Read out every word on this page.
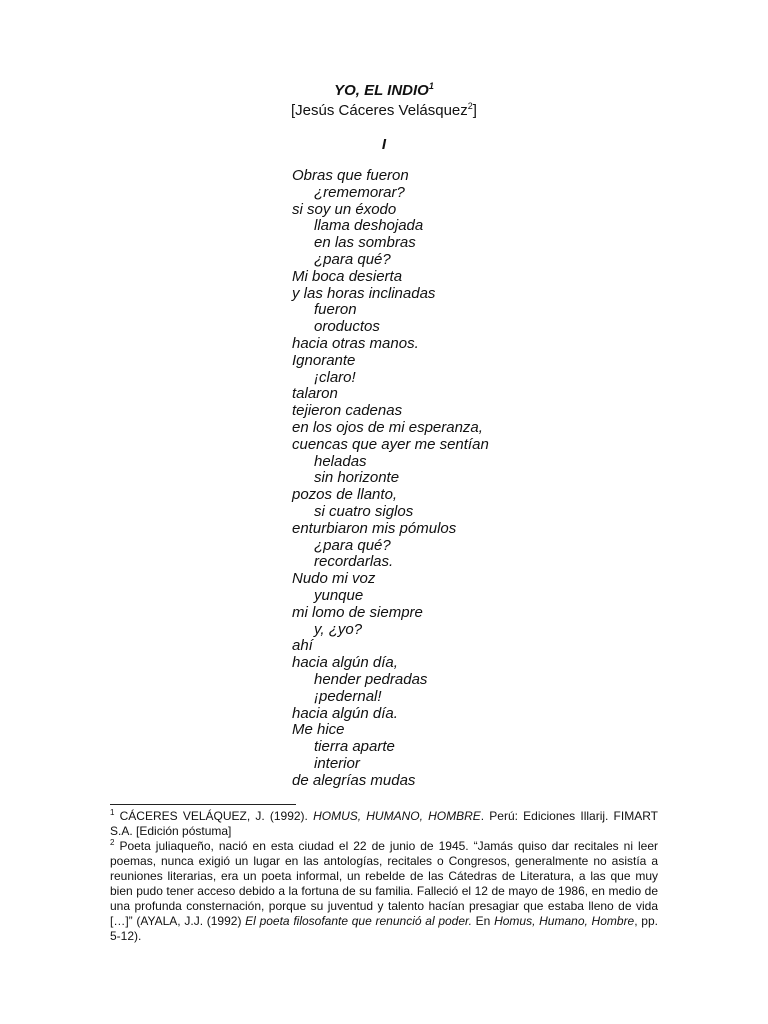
YO, EL INDIO$^1$
[Jesús Cáceres Velásquez$^2$]
I
Obras que fueron
¿rememorar?
si soy un éxodo
llama deshojada
en las sombras
¿para qué?
Mi boca desierta
y las horas inclinadas
fueron
oroductos
hacia otras manos.
Ignorante
¡claro!
talaron
tejieron cadenas
en los ojos de mi esperanza,
cuencas que ayer me sentían
heladas
sin horizonte
pozos de llanto,
si cuatro siglos
enturbiaron mis pómulos
¿para qué?
recordarlas.
Nudo mi voz
yunque
mi lomo de siempre
y, ¿yo?
ahí
hacia algún día,
hender pedradas
¡pedernal!
hacia algún día.
Me hice
tierra aparte
interior
de alegrías mudas

$^1$ CÁCERES VELÁQUEZ, J. (1992). HOMUS, HUMANO, HOMBRE. Perú: Ediciones Illarij. FIMART S.A. [Edición póstuma]

$^2$ Poeta juliaqueño, nació en esta ciudad el 22 de junio de 1945. “Jamás quiso dar recitales ni leer poemas, nunca exigió un lugar en las antologías, recitales o Congresos, generalmente no asistía a reuniones literarias, era un poeta informal, un rebelde de las Cátedras de Literatura, a las que muy bien pudo tener acceso debido a la fortuna de su familia. Falleció el 12 de mayo de 1986, en medio de una profunda consternación, porque su juventud y talento hacían presagiar que estaba lleno de vida […]” (AYALA, J.J. (1992) El poeta filosofante que renunció al poder. En Homus, Humano, Hombre, pp. 5-12).
